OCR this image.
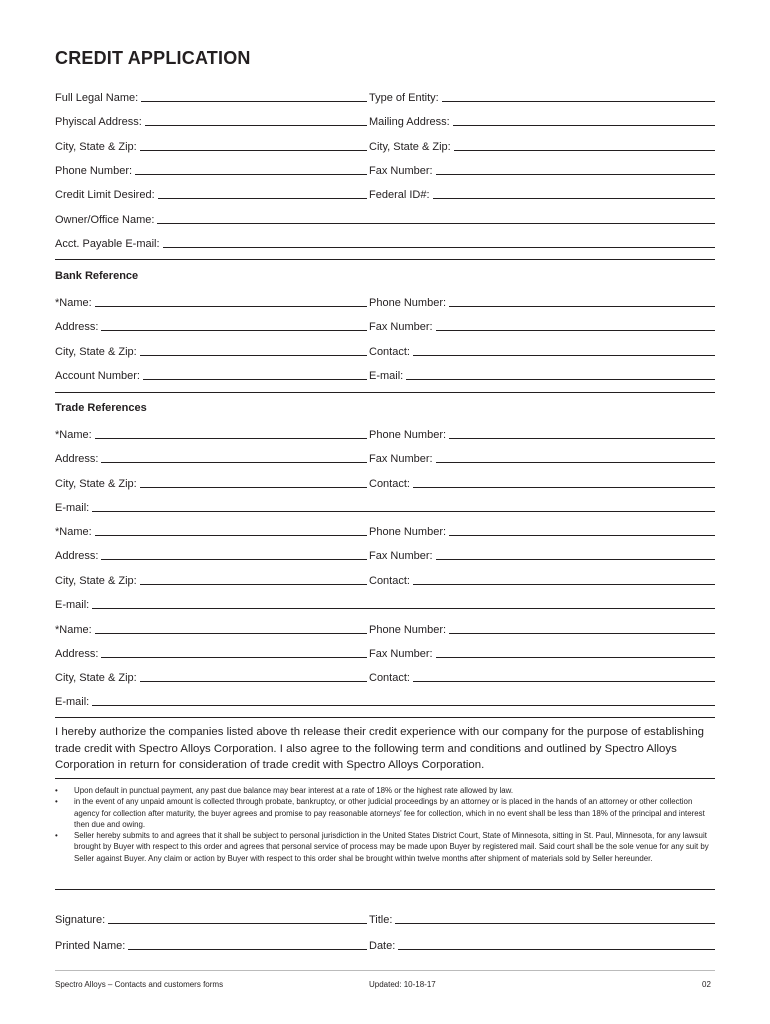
CREDIT APPLICATION
Full Legal Name:	Type of Entity:
Phyiscal Address:	Mailing Address:
City, State & Zip:	City, State & Zip:
Phone Number:	Fax Number:
Credit Limit Desired:	Federal ID#:
Owner/Office Name:
Acct. Payable E-mail:
Bank Reference
*Name:	Phone Number:
Address:	Fax Number:
City, State & Zip:	Contact:
Account Number:	E-mail:
Trade References
*Name:	Phone Number:
Address:	Fax Number:
City, State & Zip:	Contact:
E-mail:
*Name:	Phone Number:
Address:	Fax Number:
City, State & Zip:	Contact:
E-mail:
*Name:	Phone Number:
Address:	Fax Number:
City, State & Zip:	Contact:
E-mail:

I hereby authorize the companies listed above th release their credit experience with our company for the purpose of establishing trade credit with Spectro Alloys Corporation. I also agree to the following term and conditions and outlined by Spectro Alloys Corporation in return for consideration of trade credit with Spectro Alloys Corporation.

• Upon default in punctual payment, any past due balance may bear interest at a rate of 18% or the highest rate allowed by law.
• in the event of any unpaid amount is collected through probate, bankruptcy, or other judicial proceedings by an attorney or is placed in the hands of an attorney or other collection agency for collection after maturity, the buyer agrees and promise to pay reasonable atorneys' fee for collection, which in no event shall be less than 18% of the principal and interest then due and owing.
• Seller hereby submits to and agrees that it shall be subject to personal jurisdiction in the United States District Court, State of Minnesota, sitting in St. Paul, Minnesota, for any lawsuit brought by Buyer with respect to this order and agrees that personal service of process may be made upon Buyer by registered mail. Said court shall be the sole venue for any suit by Seller against Buyer. Any claim or action by Buyer with respect to this order shal be brought within twelve months after shipment of materials sold by Seller hereunder.
Signature:	Title:
Printed Name:	Date:
Spectro Alloys – Contacts and customers forms	Updated: 10-18-17	02
